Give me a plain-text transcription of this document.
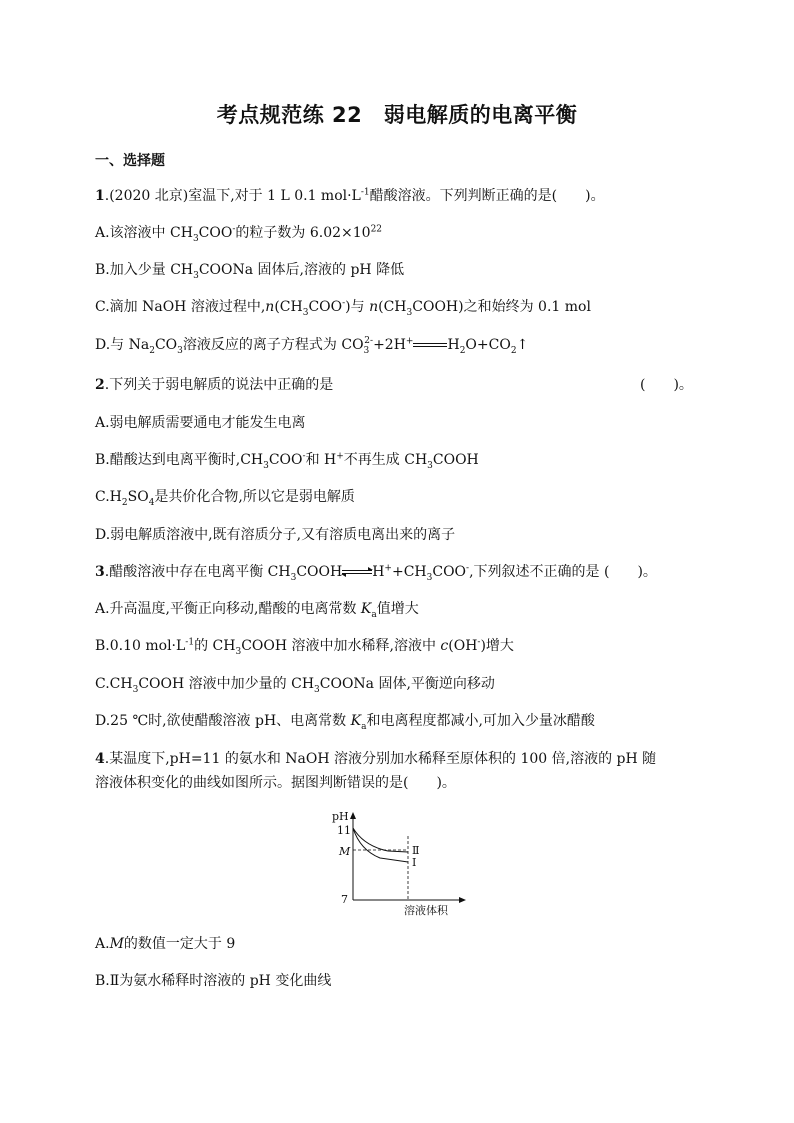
考点规范练 22　弱电解质的电离平衡
一、选择题
1.(2020 北京)室温下,对于 1 L 0.1 $mol\cdot L^{-1}$醋酸溶液。下列判断正确的是(　　)。
A.该溶液中 $CH_3COO^-$的粒子数为 $6.02\times 10^{22}$
B.加入少量 $CH_3COONa$ 固体后,溶液的 pH 降低
C.滴加 NaOH 溶液过程中$,n(CH_3COO^-)$与 $n(CH_3COOH)$之和始终为 0.1 mol
D.与 $Na_2CO_3$溶液反应的离子方程式为 $CO_3^{2-}+2H^+$ $H_2O+CO_2↑$
2.下列关于弱电解质的说法中正确的是	(　　)。
A.弱电解质需要通电才能发生电离
B.醋酸达到电离平衡时$,CH_3COO^-$和 H+不再生成 $CH_3COOH$
$C.H_2SO_4$是共价化合物,所以它是弱电解质
D.弱电解质溶液中,既有溶质分子,又有溶质电离出来的离子
3.醋酸溶液中存在电离平衡 $CH_3COOH\rightleftharpoons H^++CH_3COO^-$,下列叙述不正确的是 (　　)。
A.升高温度,平衡正向移动,醋酸的电离常数 $K_a$值增大
B.0.10 $mol\cdot L^{-1}$的 $CH_3COOH$ 溶液中加水稀释,溶液中 c(OH-)增大
$C.CH_3COOH$ 溶液中加少量的 $CH_3COONa$ 固体,平衡逆向移动
D.25 ℃时,欲使醋酸溶液 pH、电离常数 $K_a$和电离程度都减小,可加入少量冰醋酸
4.某温度下,pH=11 的氨水和 NaOH 溶液分别加水稀释至原体积的 100 倍,溶液的 pH 随
溶液体积变化的曲线如图所示。据图判断错误的是(　　)。
pH
11
M
7
溶液体积
Ⅱ
Ⅰ
A.M的数值一定大于 9
B.Ⅱ为氨水稀释时溶液的 pH 变化曲线
